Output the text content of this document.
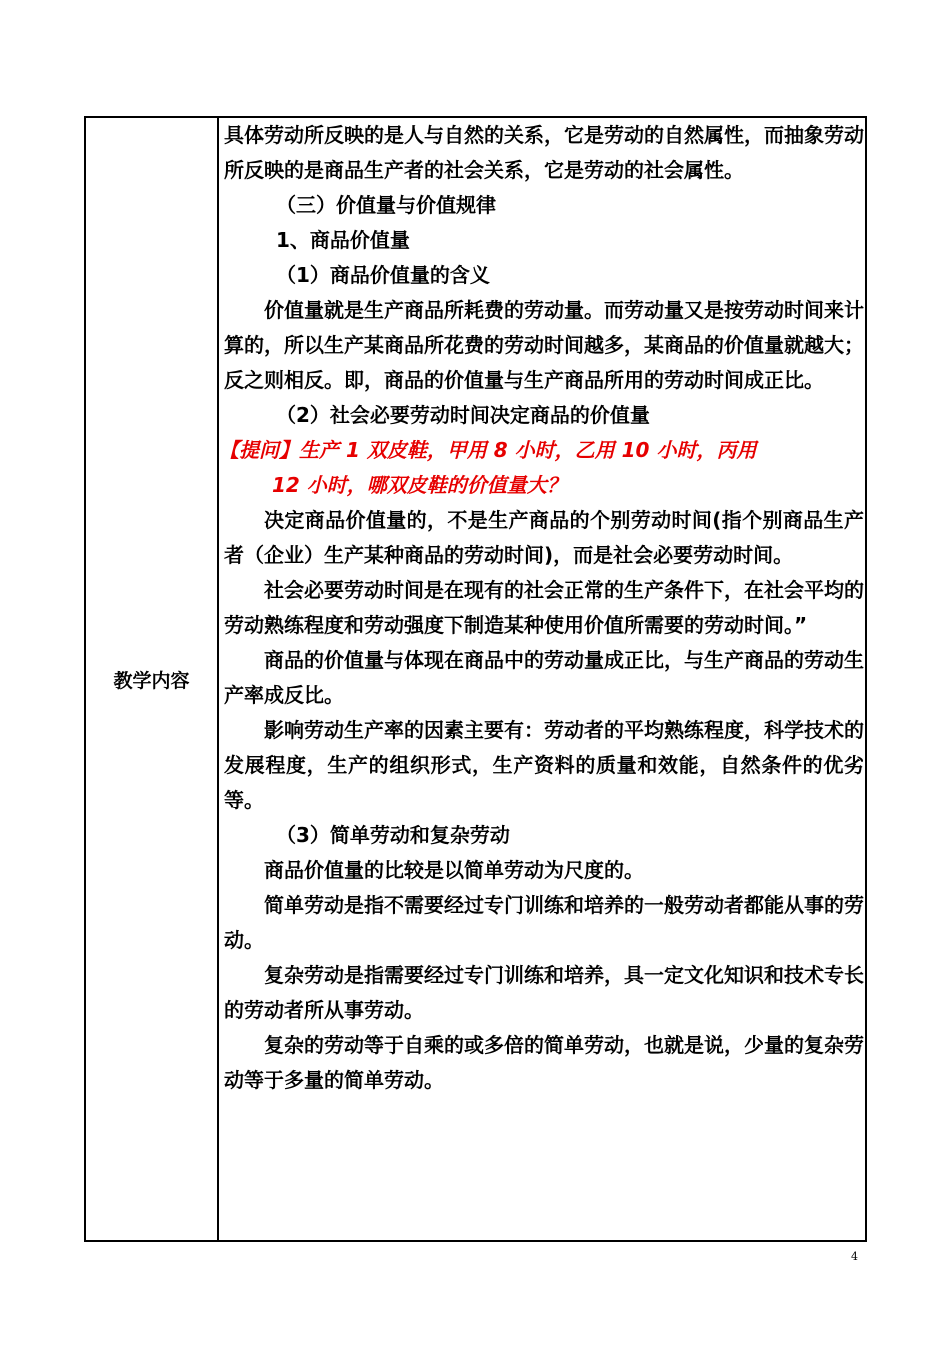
教学内容

具体劳动所反映的是人与自然的关系，它是劳动的自然属性，而抽象劳动所反映的是商品生产者的社会关系，它是劳动的社会属性。

（三）价值量与价值规律

1、商品价值量

（1）商品价值量的含义

价值量就是生产商品所耗费的劳动量。而劳动量又是按劳动时间来计算的，所以生产某商品所花费的劳动时间越多，某商品的价值量就越大；反之则相反。即，商品的价值量与生产商品所用的劳动时间成正比。

（2）社会必要劳动时间决定商品的价值量

【提问】生产 1 双皮鞋，甲用 8 小时，乙用 10 小时，丙用

12 小时，哪双皮鞋的价值量大？

决定商品价值量的，不是生产商品的个别劳动时间(指个别商品生产者（企业）生产某种商品的劳动时间)，而是社会必要劳动时间。

社会必要劳动时间是在现有的社会正常的生产条件下，在社会平均的劳动熟练程度和劳动强度下制造某种使用价值所需要的劳动时间。”

商品的价值量与体现在商品中的劳动量成正比，与生产商品的劳动生产率成反比。

影响劳动生产率的因素主要有：劳动者的平均熟练程度，科学技术的发展程度，生产的组织形式，生产资料的质量和效能，自然条件的优劣等。

（3）简单劳动和复杂劳动

商品价值量的比较是以简单劳动为尺度的。

简单劳动是指不需要经过专门训练和培养的一般劳动者都能从事的劳动。

复杂劳动是指需要经过专门训练和培养，具一定文化知识和技术专长的劳动者所从事劳动。

复杂的劳动等于自乘的或多倍的简单劳动，也就是说，少量的复杂劳动等于多量的简单劳动。

4
